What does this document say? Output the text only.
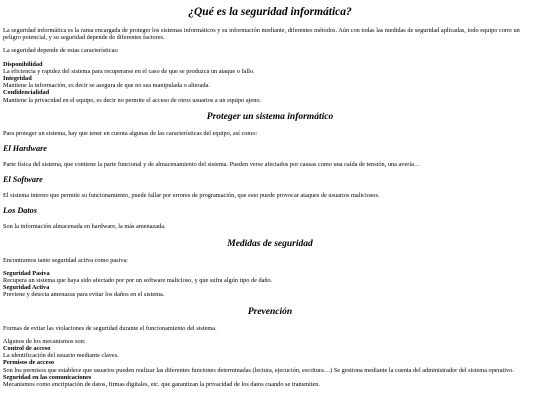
¿Qué es la seguridad informática?

La seguridad informática es la rama encargada de proteger los sistemas informáticos y su información mediante, diferentes métodos. Aún con todas las medidas de seguridad aplicadas, todo equipo corre un peligro potencial, y su seguridad depende de diferentes factores.

La seguridad depende de estas características:

Disponibilidad
La eficiencia y rapidez del sistema para recuperarse en el caso de que se produzca un ataque o fallo.
Integridad
Mantiene la información, es decir se asegura de que no sea manipulada o alterada.
Confidencialidad
Mantiene la privacidad en el equipo, es decir no permite el acceso de otros usuarios a un equipo ajeno.
Proteger un sistema informático

Para proteger un sistema, hay que tener en cuenta algunas de las características del equipo, así como:

El Hardware

Parte física del sistema, que contiene la parte funcional y de almacenamiento del sistema. Pueden verse afectados por causas como una caída de tensión, una avería…

El Software

El sistema interno que permite su funcionamiento, puede fallar por errores de programación, que esto puede provocar ataques de usuarios maliciosos.

Los Datos

Son la información almacenada en hardware, la más amenazada.

Medidas de seguridad

Encontramos tanto seguridad activa como pasiva:

Seguridad Pasiva
Recupera un sistema que haya sido afectado por por un software malicioso, y que sufra algún tipo de daño.
Seguridad Activa
Previene y detecta amenazas para evitar los daños en el sistema.
Prevención

Formas de evitar las violaciones de seguridad durante el funcionamiento del sistema.

Algunos de los mecanismos son:
Control de acceso
La identificación del usuario mediante claves.
Permisos de acceso
Son los permisos que establece que usuarios pueden realizar las diferentes funciones determinadas (lectura, ejecución, escritura…) Se gestiona mediante la cuenta del administrador del sistema operativo.
Seguridad en las comunicaciones
Mecanismos como encriptación de datos, firmas digitales, etc. que garantizan la privacidad de los datos cuando se transmiten.
